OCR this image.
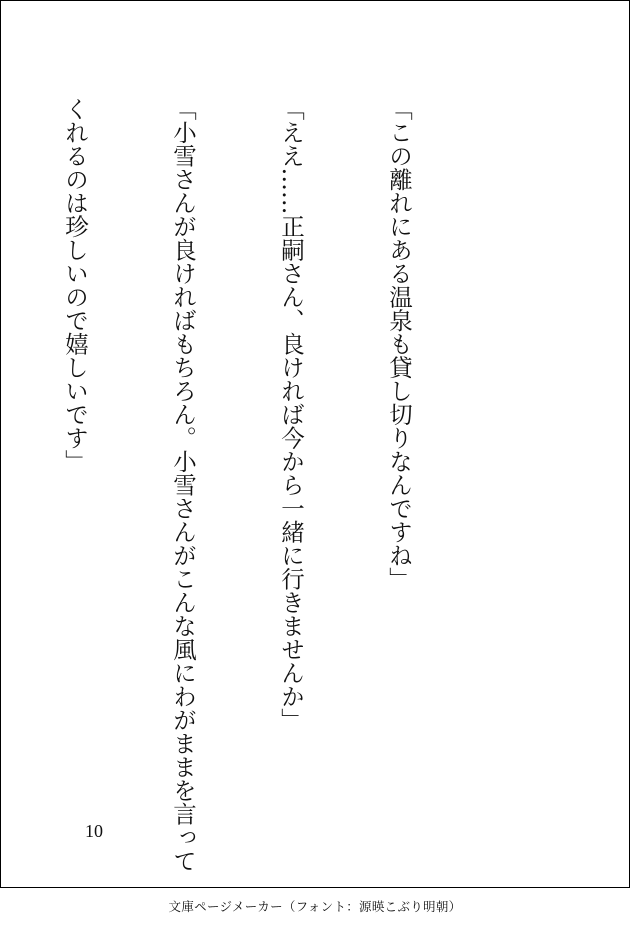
「この離れにある温泉も貸し切りなんですね」

「ええ……正嗣さん、良ければ今から一緒に行きませんか」

「小雪さんが良ければもちろん。小雪さんがこんな風にわがままを言って

くれるのは珍しいので嬉しいです」

10
文庫ページメーカー（フォント：源暎こぶり明朝）
